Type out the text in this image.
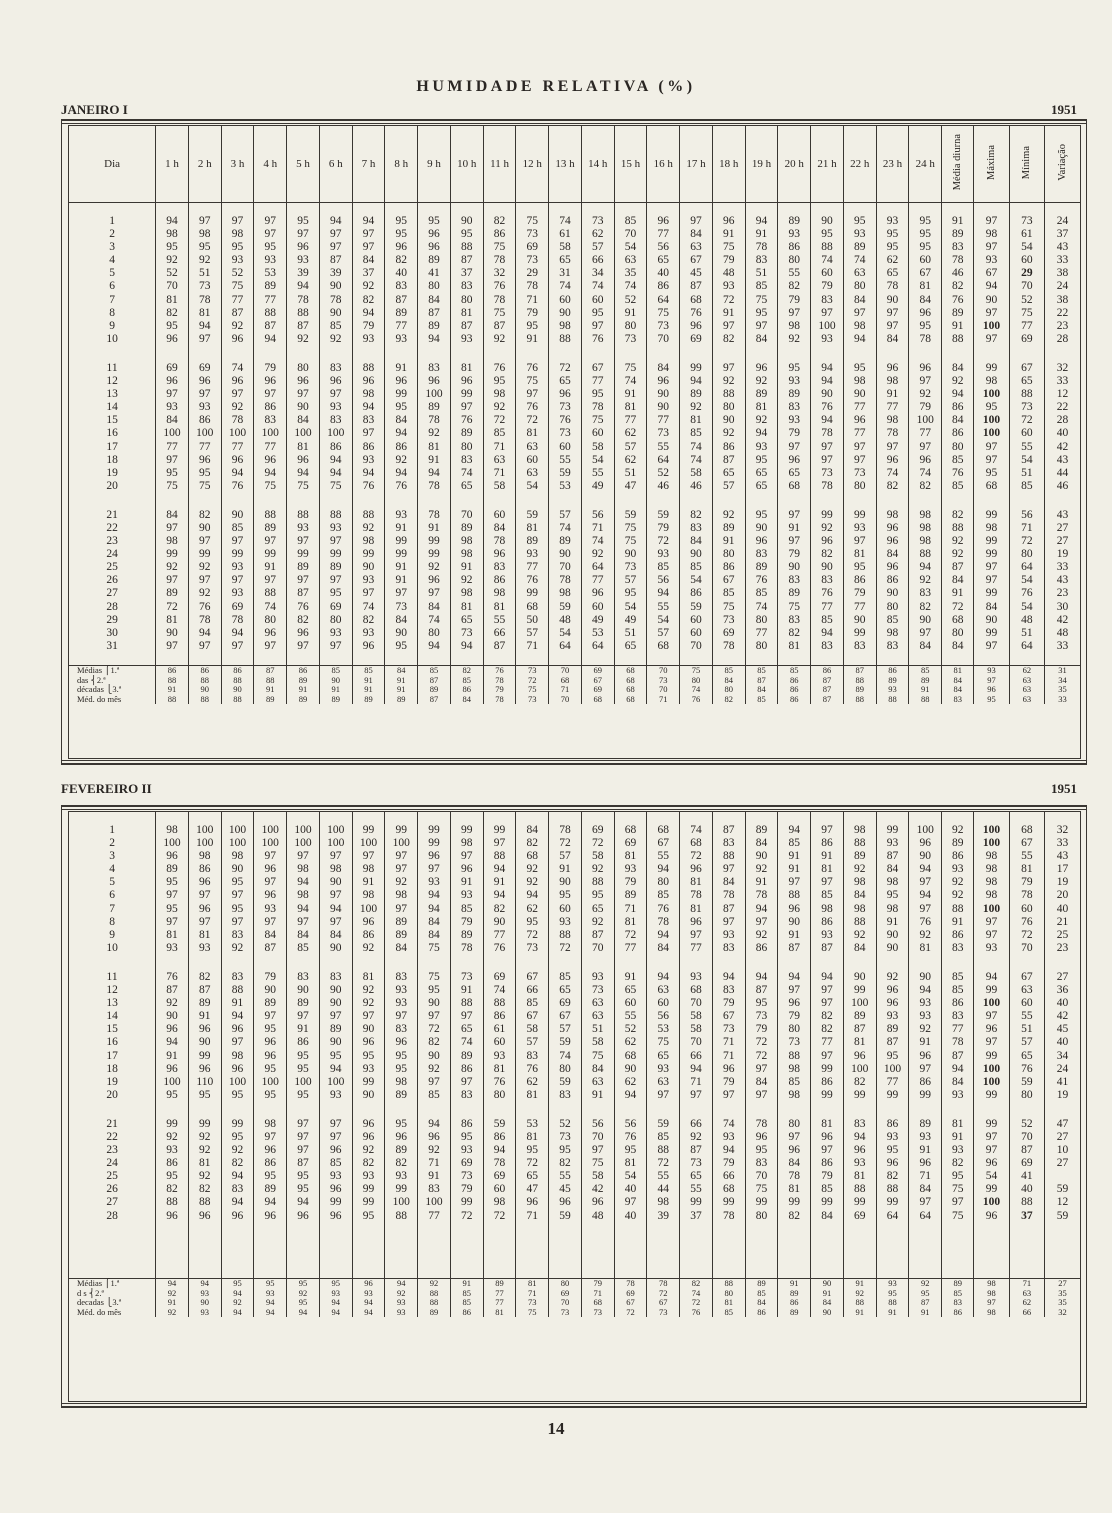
HUMIDADE RELATIVA (%)
JANEIRO I	1951
Dia	1 h	2 h	3 h	4 h	5 h	6 h	7 h	8 h	9 h	10 h	11 h	12 h	13 h	14 h	15 h	16 h	17 h	18 h	19 h	20 h	21 h	22 h	23 h	24 h	Média diurna	Máxima	Mínima	Variação

1	94	97	97	97	95	94	94	95	95	90	82	75	74	73	85	96	97	96	94	89	90	95	93	95	91	97	73	24
2	98	98	98	97	97	97	97	95	96	95	86	73	61	62	70	77	84	91	91	93	95	93	95	95	89	98	61	37
3	95	95	95	95	96	97	97	96	96	88	75	69	58	57	54	56	63	75	78	86	88	89	95	95	83	97	54	43
4	92	92	93	93	93	87	84	82	89	87	78	73	65	66	63	65	67	79	83	80	74	74	62	60	78	93	60	33
5	52	51	52	53	39	39	37	40	41	37	32	29	31	34	35	40	45	48	51	55	60	63	65	67	46	67	29	38
6	70	73	75	89	94	90	92	83	80	83	76	78	74	74	74	86	87	93	85	82	79	80	78	81	82	94	70	24
7	81	78	77	77	78	78	82	87	84	80	78	71	60	60	52	64	68	72	75	79	83	84	90	84	76	90	52	38
8	82	81	87	88	88	90	94	89	87	81	75	79	90	95	91	75	76	91	95	97	97	97	97	96	89	97	75	22
9	95	94	92	87	87	85	79	77	89	87	87	95	98	97	80	73	96	97	97	98	100	98	97	95	91	100	77	23
10	96	97	96	94	92	92	93	93	94	93	92	91	88	76	73	70	69	82	84	92	93	94	84	78	88	97	69	28

11	69	69	74	79	80	83	88	91	83	81	76	76	72	67	75	84	99	97	96	95	94	95	96	96	84	99	67	32
12	96	96	96	96	96	96	96	96	96	96	95	75	65	77	74	96	94	92	92	93	94	98	98	97	92	98	65	33
13	97	97	97	97	97	97	98	99	100	99	98	97	96	95	91	90	89	88	89	89	90	90	91	92	94	100	88	12
14	93	93	92	86	90	93	94	95	89	97	92	76	73	78	81	90	92	80	81	83	76	77	77	79	86	95	73	22
15	84	86	78	83	84	83	83	84	78	76	72	72	76	75	77	77	81	90	92	93	94	96	98	100	84	100	72	28
16	100	100	100	100	100	100	97	94	92	89	85	81	73	60	62	73	85	92	94	79	78	77	78	77	86	100	60	40
17	77	77	77	77	81	86	86	86	81	80	71	63	60	58	57	55	74	86	93	97	97	97	97	97	80	97	55	42
18	97	96	96	96	96	94	93	92	91	83	63	60	55	54	62	64	74	87	95	96	97	97	96	96	85	97	54	43
19	95	95	94	94	94	94	94	94	94	74	71	63	59	55	51	52	58	65	65	65	73	73	74	74	76	95	51	44
20	75	75	76	75	75	75	76	76	78	65	58	54	53	49	47	46	46	57	65	68	78	80	82	82	85	68	85	46

21	84	82	90	88	88	88	88	93	78	70	60	59	57	56	59	59	82	92	95	97	99	99	98	98	82	99	56	43
22	97	90	85	89	93	93	92	91	91	89	84	81	74	71	75	79	83	89	90	91	92	93	96	98	88	98	71	27
23	98	97	97	97	97	97	98	99	99	98	78	89	89	74	75	72	84	91	96	97	96	97	96	98	92	99	72	27
24	99	99	99	99	99	99	99	99	99	98	96	93	90	92	90	93	90	80	83	79	82	81	84	88	92	99	80	19
25	92	92	93	91	89	89	90	91	92	91	83	77	70	64	73	85	85	86	89	90	90	95	96	94	87	97	64	33
26	97	97	97	97	97	97	93	91	96	92	86	76	78	77	57	56	54	67	76	83	83	86	86	92	84	97	54	43
27	89	92	93	88	87	95	97	97	97	98	98	99	98	96	95	94	86	85	85	89	76	79	90	83	91	99	76	23
28	72	76	69	74	76	69	74	73	84	81	81	68	59	60	54	55	59	75	74	75	77	77	80	82	72	84	54	30
29	81	78	78	80	82	80	82	84	74	65	55	50	48	49	49	54	60	73	80	83	85	90	85	90	68	90	48	42
30	90	94	94	96	96	93	93	90	80	73	66	57	54	53	51	57	60	69	77	82	94	99	98	97	80	99	51	48
31	97	97	97	97	97	97	96	95	94	94	87	71	64	64	65	68	70	78	80	81	83	83	83	84	84	97	64	33

Médias ⎧1.ª	86	86	86	87	86	85	85	84	85	82	76	73	70	69	68	70	75	85	85	85	86	87	86	85	81	93	62	31
das ⎨2.ª	88	88	88	88	89	90	91	91	87	85	78	72	68	67	68	73	80	84	87	86	87	88	89	89	84	97	63	34
décadas ⎩3.ª	91	90	90	91	91	91	91	91	89	86	79	75	71	69	68	70	74	80	84	86	87	89	93	91	84	96	63	35
Méd. do mês	88	88	88	89	89	89	89	89	87	84	78	73	70	68	68	71	76	82	85	86	87	88	88	88	83	95	63	33
FEVEREIRO II	1951

1	98	100	100	100	100	100	99	99	99	99	99	84	78	69	68	68	74	87	89	94	97	98	99	100	92	100	68	32
2	100	100	100	100	100	100	100	100	99	98	97	82	72	72	69	67	68	83	84	85	86	88	93	96	89	100	67	33
3	96	98	98	97	97	97	97	97	96	97	88	68	57	58	81	55	72	88	90	91	91	89	87	90	86	98	55	43
4	89	86	90	96	98	98	98	97	97	96	94	92	91	92	93	94	96	97	92	91	81	92	84	94	93	98	81	17
5	95	96	95	97	94	90	91	92	93	91	91	92	90	88	79	80	81	84	91	97	97	98	98	97	92	98	79	19
6	97	97	97	96	98	97	98	98	94	93	94	94	95	95	89	85	78	78	78	88	85	84	95	94	92	98	78	20
7	95	96	95	93	94	94	100	97	94	85	82	62	60	65	71	76	81	87	94	96	98	98	98	97	88	100	60	40
8	97	97	97	97	97	97	96	89	84	79	90	95	93	92	81	78	96	97	97	90	86	88	91	76	91	97	76	21
9	81	81	83	84	84	84	86	89	84	89	77	72	88	87	72	94	97	93	92	91	93	92	90	92	86	97	72	25
10	93	93	92	87	85	90	92	84	75	78	76	73	72	70	77	84	77	83	86	87	87	84	90	81	83	93	70	23

11	76	82	83	79	83	83	81	83	75	73	69	67	85	93	91	94	93	94	94	94	94	90	92	90	85	94	67	27
12	87	87	88	90	90	90	92	93	95	91	74	66	65	73	65	63	68	83	87	97	97	99	96	94	85	99	63	36
13	92	89	91	89	89	90	92	93	90	88	88	85	69	63	60	60	70	79	95	96	97	100	96	93	86	100	60	40
14	90	91	94	97	97	97	97	97	97	97	86	67	67	63	55	56	58	67	73	79	82	89	93	93	83	97	55	42
15	96	96	96	95	91	89	90	83	72	65	61	58	57	51	52	53	58	73	79	80	82	87	89	92	77	96	51	45
16	94	90	97	96	86	90	96	96	82	74	60	57	59	58	62	75	70	71	72	73	77	81	87	91	78	97	57	40
17	91	99	98	96	95	95	95	95	90	89	93	83	74	75	68	65	66	71	72	88	97	96	95	96	87	99	65	34
18	96	96	96	95	95	94	93	95	92	86	81	76	80	84	90	93	94	96	97	98	99	100	100	97	94	100	76	24
19	100	110	100	100	100	100	99	98	97	97	76	62	59	63	62	63	71	79	84	85	86	82	77	86	84	100	59	41
20	95	95	95	95	95	93	90	89	85	83	80	81	83	91	94	97	97	97	97	98	99	99	99	99	93	99	80	19

21	99	99	99	98	97	97	96	95	94	86	59	53	52	56	56	59	66	74	78	80	81	83	86	89	81	99	52	47
22	92	92	95	97	97	97	96	96	96	95	86	81	73	70	76	85	92	93	96	97	96	94	93	93	91	97	70	27
23	93	92	92	96	97	96	92	89	92	93	94	95	95	97	95	88	87	94	95	96	97	96	95	91	93	97	87	10
24	86	81	82	86	87	85	82	82	71	69	78	72	82	75	81	72	73	79	83	84	86	93	96	96	82	96	69	27
25	95	92	94	95	95	93	93	93	91	73	69	65	55	58	54	55	65	66	70	78	79	81	82	71	95	54	41	
26	82	82	83	89	95	96	99	99	83	79	60	47	45	42	40	44	55	68	75	81	85	88	88	84	75	99	40	59
27	88	88	94	94	94	99	99	100	100	99	98	96	96	96	97	98	99	99	99	99	99	99	99	97	97	100	88	12
28	96	96	96	96	96	96	95	88	77	72	72	71	59	48	40	39	37	78	80	82	84	69	64	64	75	96	37	59

Médias ⎧1.ª	94	94	95	95	95	95	96	94	92	91	89	81	80	79	78	78	82	88	89	91	90	91	93	92	89	98	71	27
d s ⎨2.ª	92	93	94	93	92	93	93	92	88	85	77	71	69	71	69	72	74	80	85	89	91	92	95	95	85	98	63	35
decadas ⎩3.ª	91	90	92	94	95	94	94	93	88	85	77	73	70	68	67	67	72	81	84	86	84	88	88	87	83	97	62	35
Méd. do mês	92	93	94	94	94	94	94	93	89	86	81	75	73	73	72	73	76	85	86	89	90	91	91	91	86	98	66	32
14
